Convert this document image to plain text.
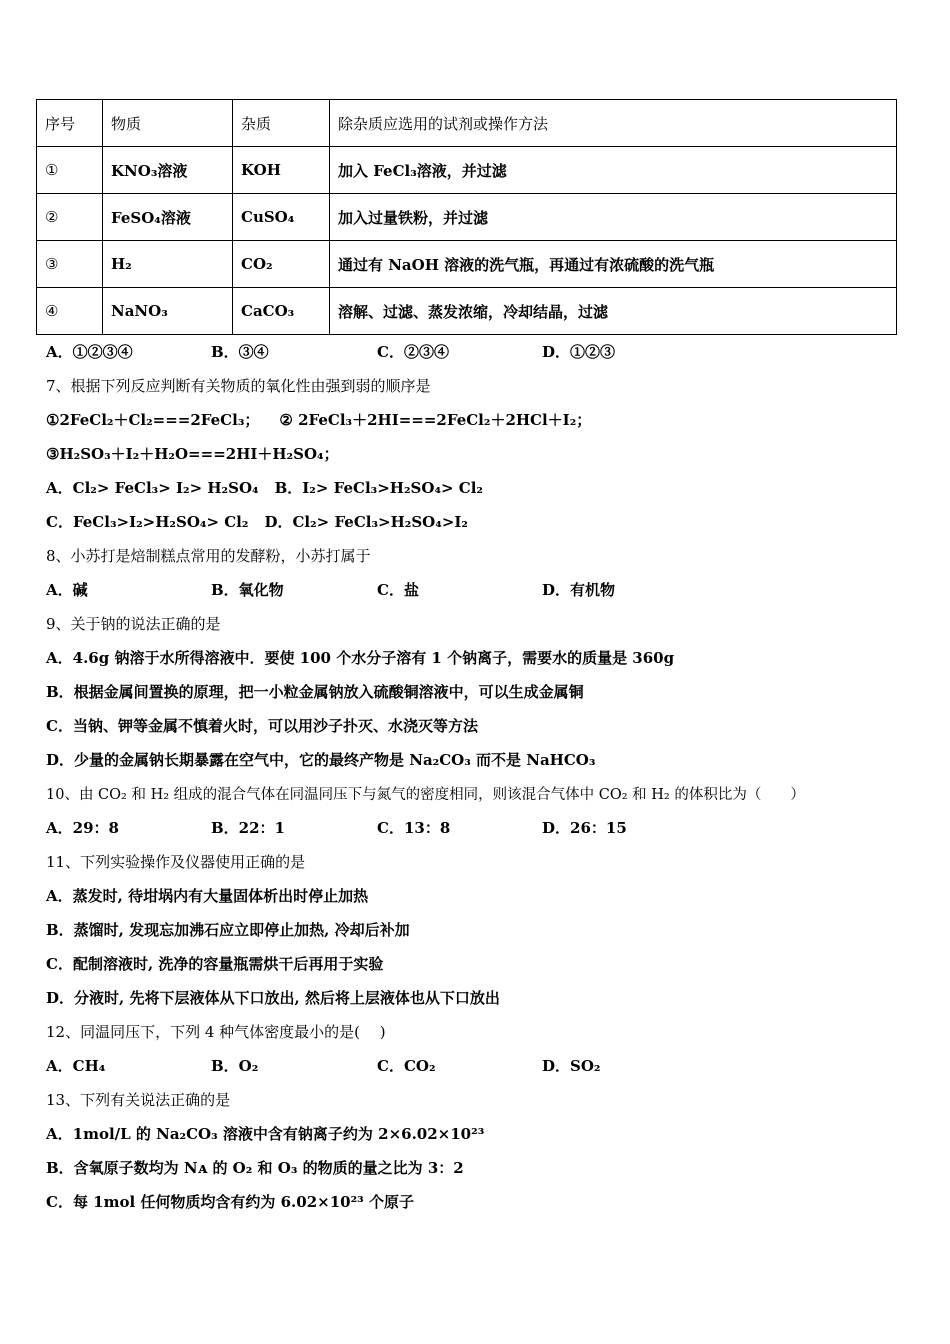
序号	物质	杂质	除杂质应选用的试剂或操作方法
①	KNO₃溶液	KOH	加入 FeCl₃溶液，并过滤
②	FeSO₄溶液	CuSO₄	加入过量铁粉，并过滤
③	H₂	CO₂	通过有 NaOH 溶液的洗气瓶，再通过有浓硫酸的洗气瓶
④	NaNO₃	CaCO₃	溶解、过滤、蒸发浓缩，冷却结晶，过滤
A．①②③④	B．③④	C．②③④	D．①②③
7、根据下列反应判断有关物质的氧化性由强到弱的顺序是
①2FeCl₂＋Cl₂===2FeCl₃； ② 2FeCl₃＋2HI===2FeCl₂＋2HCl＋I₂；
③H₂SO₃＋I₂＋H₂O===2HI＋H₂SO₄；
A．Cl₂> FeCl₃> I₂> H₂SO₄ B．I₂> FeCl₃>H₂SO₄> Cl₂
C．FeCl₃>I₂>H₂SO₄> Cl₂ D．Cl₂> FeCl₃>H₂SO₄>I₂
8、小苏打是焙制糕点常用的发酵粉，小苏打属于
A．碱	B．氧化物	C．盐	D．有机物
9、关于钠的说法正确的是
A．4.6g 钠溶于水所得溶液中．要使 100 个水分子溶有 1 个钠离子，需要水的质量是 360g
B．根据金属间置换的原理，把一小粒金属钠放入硫酸铜溶液中，可以生成金属铜
C．当钠、钾等金属不慎着火时，可以用沙子扑灭、水浇灭等方法
D．少量的金属钠长期暴露在空气中，它的最终产物是 Na₂CO₃ 而不是 NaHCO₃
10、由 CO₂ 和 H₂ 组成的混合气体在同温同压下与氮气的密度相同，则该混合气体中 CO₂ 和 H₂ 的体积比为（　　）
A．29：8	B．22：1	C．13：8	D．26：15
11、下列实验操作及仪器使用正确的是
A．蒸发时, 待坩埚内有大量固体析出时停止加热
B．蒸馏时, 发现忘加沸石应立即停止加热, 冷却后补加
C．配制溶液时, 洗净的容量瓶需烘干后再用于实验
D．分液时, 先将下层液体从下口放出, 然后将上层液体也从下口放出
12、同温同压下，下列 4 种气体密度最小的是(　 )
A．CH₄	B．O₂	C．CO₂	D．SO₂
13、下列有关说法正确的是
A．1mol/L 的 Na₂CO₃ 溶液中含有钠离子约为 2×6.02×10²³
B．含氧原子数均为 Nᴀ 的 O₂ 和 O₃ 的物质的量之比为 3：2
C．每 1mol 任何物质均含有约为 6.02×10²³ 个原子
